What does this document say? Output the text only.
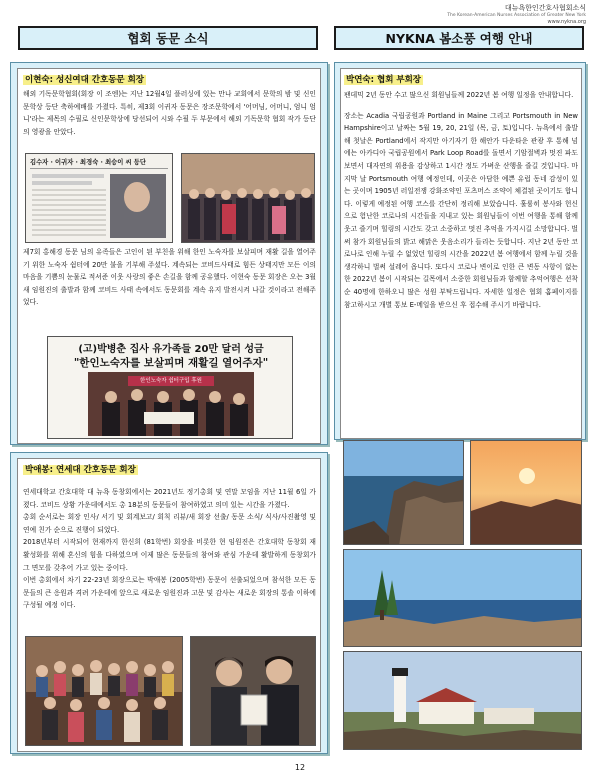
대뉴욕한인간호사협회소식
The Korean-American Nurses Association of Greater New York
www.nykna.org
협회 동문 소식	NYKNA 봄소풍 여행 안내
이현숙: 성신여대 간호동문 회장
해외 기독문학협회(회장 이 조엔)는 지난 12월4일 플러싱에 있는 만나 교회에서 문학의 밤 및 신인문학상 등단 축하예배를 가졌다. 특히, 제3회 이귀자 동문은 장조문학에서 '어머님, 어머니, 엄니 엄니'라는 제목의 수필로 신인문학상에 당선되어 시와 수필 두 부문에서 해외 기독문학 협회 작가 등단의 영광을 안았다.
김수자 · 이귀자 · 최경숙 · 최승이 씨 등단
제7회 홍해경 동문 님의 유족들은 고인이 된 부친을 위해 한인 노숙자를 보살피며 재활 길을 열어주기 위한 노숙자 쉼터에 20만 불을 기부해 주셨다. 계속되는 코비드사태로 힘든 상태지만 모든 이의 마음을 기쁨의 눈물로 적셔준 이웃 사랑의 좋은 손길을 함께 공유했다. 이현숙 동문 회장은 오는 3월 새 임원진의 출발과 함께 코비드 사태 속에서도 동문회를 계속 유지 발전시켜 나갈 것이라고 전해주었다.
(고)박병춘 집사 유가족들 20만 달러 성금
"한인노숙자를 보살피며 재활길 열어주자"
한인노숙자 쉼터구입 후원
박애봉: 연세대 간호동문 회장

연세대학교 간호대학 대 뉴욕 동창회에서는 2021년도 정기총회 및 연말 모임을 지난 11월 6일 가졌다. 코비드 상황 가운데에서도 총 18분의 동문들이 참여하였고 의미 있는 시간을 가졌다.

총회 순서로는 회장 인사/ 서기 및 회계보고/ 회칙 리뷰/새 회장 선출/ 동문 소식/ 식사/사진촬영 및 연예 친가 순으로 진행이 되었다.

2018년부터 시작되어 현재까지 한신희 (81학번) 회장을 비롯한 현 임원진은 간호대학 동창회 재 활성화를 위해 혼신의 힘을 다하였으며 이제 많은 동문들의 참여와 관심 가운데 활발하게 동창회가 그 면모를 갖추어 가고 있는 중이다.

이번 총회에서 차기 22-23년 회장으로는 박애봉 (2005학번) 동문이 선출되었으며 참석한 모든 동문들의 큰 응원과 격려 가운데에 앞으로 새로운 임원진과 고문 및 감사는 새로운 회장의 통솔 이하에 구성될 예정 이다.

박연숙: 협회 부회장

팬데믹 2년 동안 수고 많으신 회원님들께 2022년 봄 여행 일정을 안내합니다.

장소는 Acadia 국립공원과 Portland in Maine 그리고 Portsmouth in New Hampshire이고 날짜는 5월 19, 20, 21일 (목, 금, 토)입니다. 뉴욕에서 출발해 첫날은 Portland에서 작지만 아기자기 한 해안가 다운타운 관광 후 통해 넘에는 아카디아 국립공원에서 Park Loop Road를 돌면서 기암절벽과 멋진 파도 보면서 대자연의 위용을 감상하고 1시간 정도 가벼운 산행을 즐길 것입니다. 마지막 날 Portsmouth 여행 예정인데, 이곳은 아담한 예쁜 유럽 동네 감성이 있는 곳이며 1905년 러일전쟁 강화조약인 포츠머스 조약이 체결된 곳이기도 합니다. 이렇게 예정된 여행 코스를 간단히 정리해 보았습니다. 훌륭히 봉사와 헌신으로 험난한 코로나의 시간들을 지내고 있는 회원님들이 이번 여행을 통해 함께 웃고 즐기며 힐링의 시간도 갖고 소중하고 멋진 추억을 가지시길 소망합니다. 벌써 참가 회원님들의 밝고 해맑은 웃음소리가 들리는 듯합니다. 지난 2년 동안 코로나로 인해 누릴 수 없었던 힐링의 시간을 2022년 봄 여행에서 함께 누릴 것을 생각하니 벌써 설레어 옵니다. 또다시 코로나 변이로 인한 큰 변동 사항이 없는 한 2022년 봄이 시작되는 길목에서 소중한 회원님들과 함께할 추억여행은 선착순 40명에 한하오니 많은 성원 부탁드립니다. 자세한 일정은 협회 홈페이지를 참고하시고 개별 통보 E-메일을 받으신 후 접수해 주시기 바랍니다.

12
